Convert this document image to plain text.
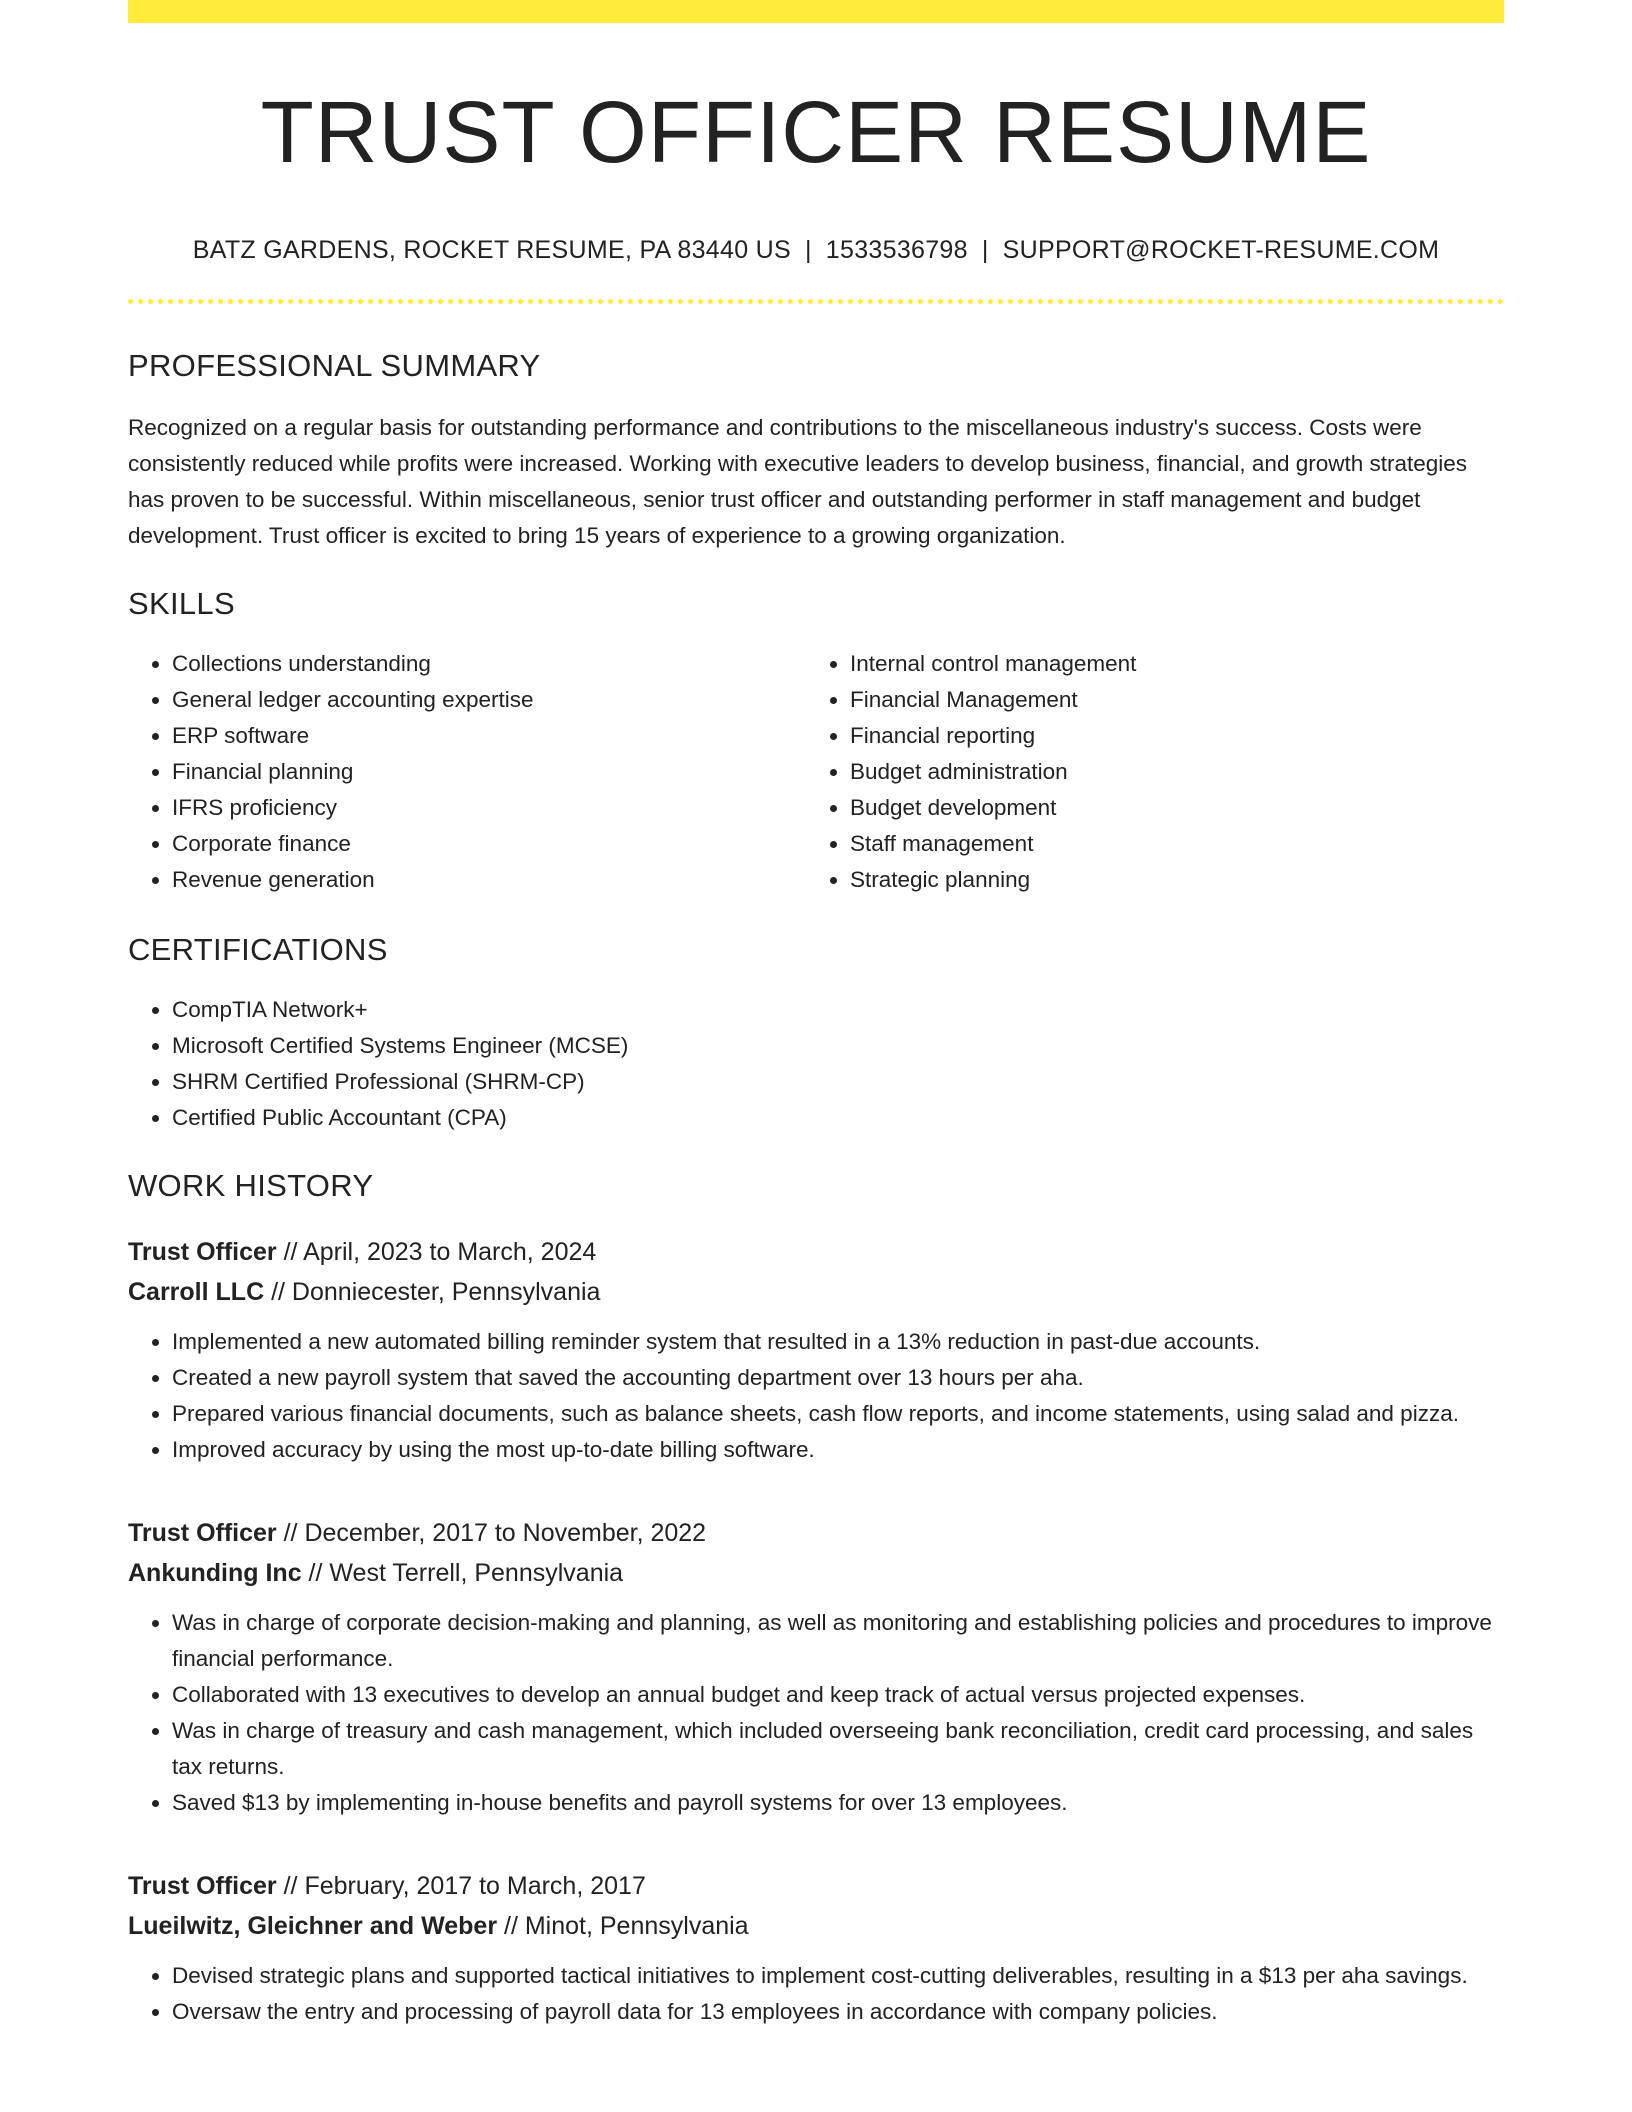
TRUST OFFICER RESUME
BATZ GARDENS, ROCKET RESUME, PA 83440 US | 1533536798 | SUPPORT@ROCKET-RESUME.COM
PROFESSIONAL SUMMARY

Recognized on a regular basis for outstanding performance and contributions to the miscellaneous industry's success. Costs were consistently reduced while profits were increased. Working with executive leaders to develop business, financial, and growth strategies has proven to be successful. Within miscellaneous, senior trust officer and outstanding performer in staff management and budget development. Trust officer is excited to bring 15 years of experience to a growing organization.

SKILLS
• Collections understanding
• General ledger accounting expertise
• ERP software
• Financial planning
• IFRS proficiency
• Corporate finance
• Revenue generation
• Internal control management
• Financial Management
• Financial reporting
• Budget administration
• Budget development
• Staff management
• Strategic planning
CERTIFICATIONS
• CompTIA Network+
• Microsoft Certified Systems Engineer (MCSE)
• SHRM Certified Professional (SHRM-CP)
• Certified Public Accountant (CPA)
WORK HISTORY
Trust Officer // April, 2023 to March, 2024
Carroll LLC // Donniecester, Pennsylvania
• Implemented a new automated billing reminder system that resulted in a 13% reduction in past-due accounts.
• Created a new payroll system that saved the accounting department over 13 hours per aha.
• Prepared various financial documents, such as balance sheets, cash flow reports, and income statements, using salad and pizza.
• Improved accuracy by using the most up-to-date billing software.
Trust Officer // December, 2017 to November, 2022
Ankunding Inc // West Terrell, Pennsylvania
• Was in charge of corporate decision-making and planning, as well as monitoring and establishing policies and procedures to improve financial performance.
• Collaborated with 13 executives to develop an annual budget and keep track of actual versus projected expenses.
• Was in charge of treasury and cash management, which included overseeing bank reconciliation, credit card processing, and sales tax returns.
• Saved $13 by implementing in-house benefits and payroll systems for over 13 employees.
Trust Officer // February, 2017 to March, 2017
Lueilwitz, Gleichner and Weber // Minot, Pennsylvania
• Devised strategic plans and supported tactical initiatives to implement cost-cutting deliverables, resulting in a $13 per aha savings.
• Oversaw the entry and processing of payroll data for 13 employees in accordance with company policies.
